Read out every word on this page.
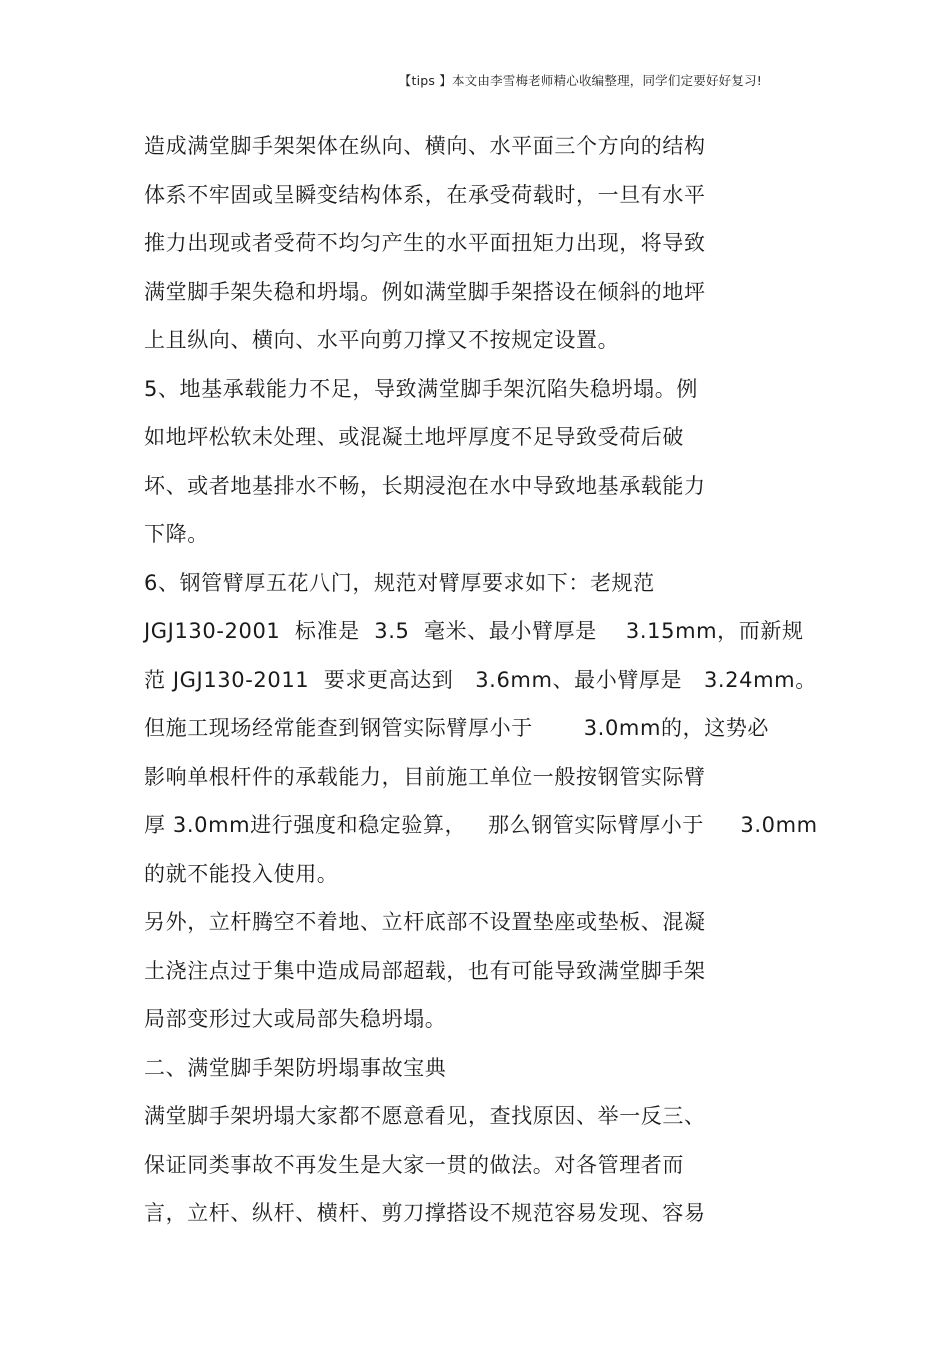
【tips 】本文由李雪梅老师精心收编整理，同学们定要好好复习!
造成满堂脚手架架体在纵向、横向、水平面三个方向的结构
体系不牢固或呈瞬变结构体系，在承受荷载时，一旦有水平
推力出现或者受荷不均匀产生的水平面扭矩力出现，将导致
满堂脚手架失稳和坍塌。例如满堂脚手架搭设在倾斜的地坪
上且纵向、横向、水平向剪刀撑又不按规定设置。
5、地基承载能力不足，导致满堂脚手架沉陷失稳坍塌。例
如地坪松软未处理、或混凝土地坪厚度不足导致受荷后破
坏、或者地基排水不畅，长期浸泡在水中导致地基承载能力
下降。
6、钢管臂厚五花八门，规范对臂厚要求如下：老规范
JGJ130-2001  标准是  3.5  毫米、最小臂厚是    3.15mm，而新规
范 JGJ130-2011  要求更高达到   3.6mm、最小臂厚是   3.24mm。
但施工现场经常能查到钢管实际臂厚小于       3.0mm的，这势必
影响单根杆件的承载能力，目前施工单位一般按钢管实际臂
厚 3.0mm进行强度和稳定验算，   那么钢管实际臂厚小于     3.0mm
的就不能投入使用。
另外，立杆腾空不着地、立杆底部不设置垫座或垫板、混凝
土浇注点过于集中造成局部超载，也有可能导致满堂脚手架
局部变形过大或局部失稳坍塌。
二、满堂脚手架防坍塌事故宝典
满堂脚手架坍塌大家都不愿意看见，查找原因、举一反三、
保证同类事故不再发生是大家一贯的做法。对各管理者而
言，立杆、纵杆、横杆、剪刀撑搭设不规范容易发现、容易
